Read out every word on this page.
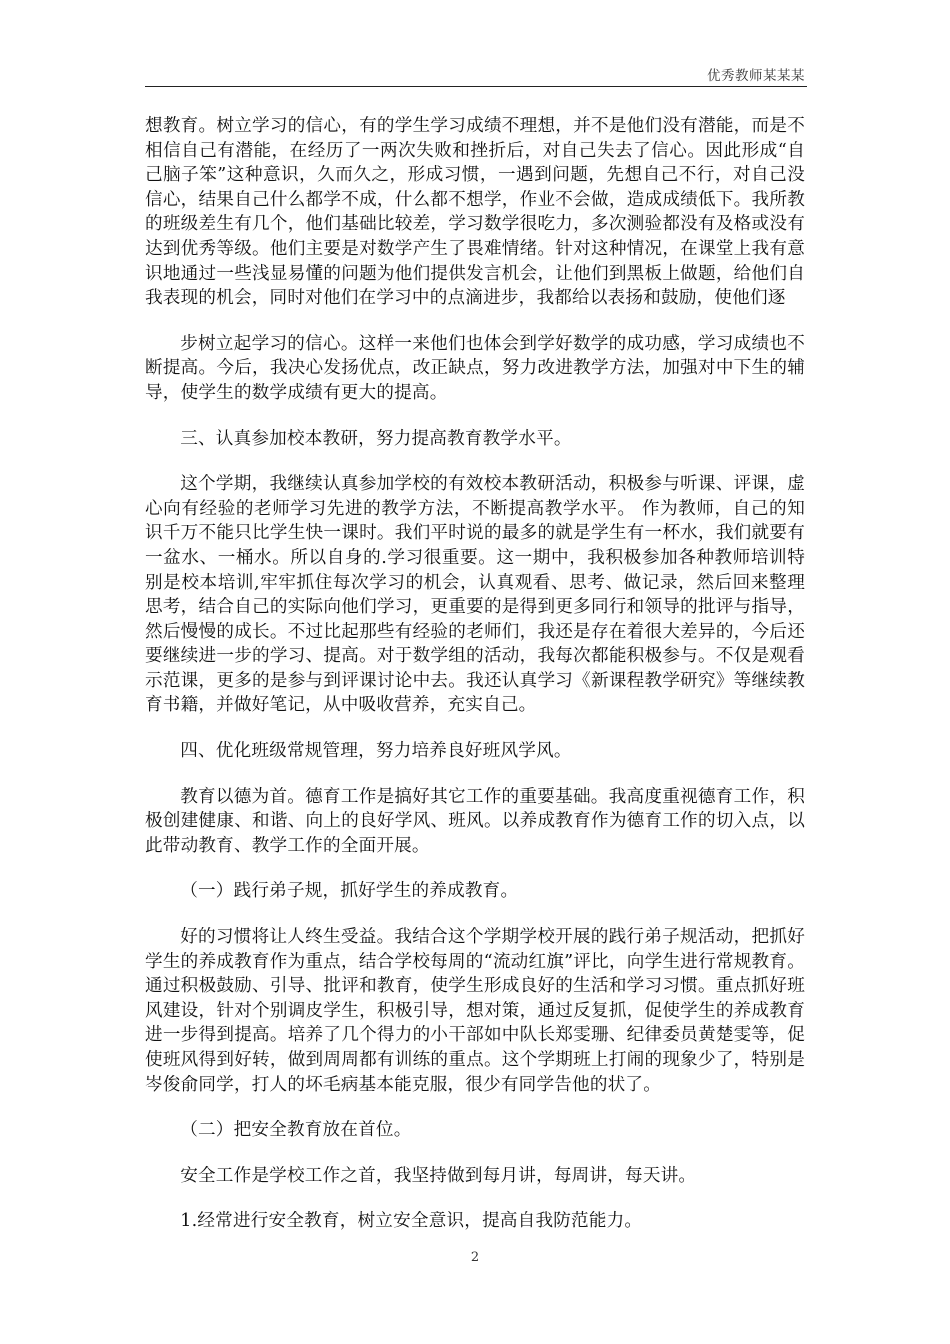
优秀教师某某某

想教育。树立学习的信心，有的学生学习成绩不理想，并不是他们没有潜能，而是不相信自己有潜能，在经历了一两次失败和挫折后，对自己失去了信心。因此形成“自己脑子笨”这种意识，久而久之，形成习惯，一遇到问题，先想自己不行，对自己没信心，结果自己什么都学不成，什么都不想学，作业不会做，造成成绩低下。我所教的班级差生有几个，他们基础比较差，学习数学很吃力，多次测验都没有及格或没有达到优秀等级。他们主要是对数学产生了畏难情绪。针对这种情况，在课堂上我有意识地通过一些浅显易懂的问题为他们提供发言机会，让他们到黑板上做题，给他们自我表现的机会，同时对他们在学习中的点滴进步，我都给以表扬和鼓励，使他们逐

步树立起学习的信心。这样一来他们也体会到学好数学的成功感，学习成绩也不断提高。今后，我决心发扬优点，改正缺点，努力改进教学方法，加强对中下生的辅导，使学生的数学成绩有更大的提高。

三、认真参加校本教研，努力提高教育教学水平。

这个学期，我继续认真参加学校的有效校本教研活动，积极参与听课、评课，虚心向有经验的老师学习先进的教学方法，不断提高教学水平。 作为教师，自己的知识千万不能只比学生快一课时。我们平时说的最多的就是学生有一杯水，我们就要有一盆水、一桶水。所以自身的.学习很重要。这一期中，我积极参加各种教师培训特别是校本培训,牢牢抓住每次学习的机会，认真观看、思考、做记录，然后回来整理思考，结合自己的实际向他们学习，更重要的是得到更多同行和领导的批评与指导，然后慢慢的成长。不过比起那些有经验的老师们，我还是存在着很大差异的，今后还要继续进一步的学习、提高。对于数学组的活动，我每次都能积极参与。不仅是观看示范课，更多的是参与到评课讨论中去。我还认真学习《新课程教学研究》等继续教育书籍，并做好笔记，从中吸收营养，充实自己。

四、优化班级常规管理，努力培养良好班风学风。

教育以德为首。德育工作是搞好其它工作的重要基础。我高度重视德育工作，积极创建健康、和谐、向上的良好学风、班风。以养成教育作为德育工作的切入点，以此带动教育、教学工作的全面开展。

（一）践行弟子规，抓好学生的养成教育。

好的习惯将让人终生受益。我结合这个学期学校开展的践行弟子规活动，把抓好学生的养成教育作为重点，结合学校每周的“流动红旗”评比，向学生进行常规教育。通过积极鼓励、引导、批评和教育，使学生形成良好的生活和学习习惯。重点抓好班风建设，针对个别调皮学生，积极引导，想对策，通过反复抓，促使学生的养成教育进一步得到提高。培养了几个得力的小干部如中队长郑雯珊、纪律委员黄楚雯等，促使班风得到好转，做到周周都有训练的重点。这个学期班上打闹的现象少了，特别是岑俊俞同学，打人的坏毛病基本能克服，很少有同学告他的状了。

（二）把安全教育放在首位。

安全工作是学校工作之首，我坚持做到每月讲，每周讲，每天讲。

1.经常进行安全教育，树立安全意识，提高自我防范能力。

2
